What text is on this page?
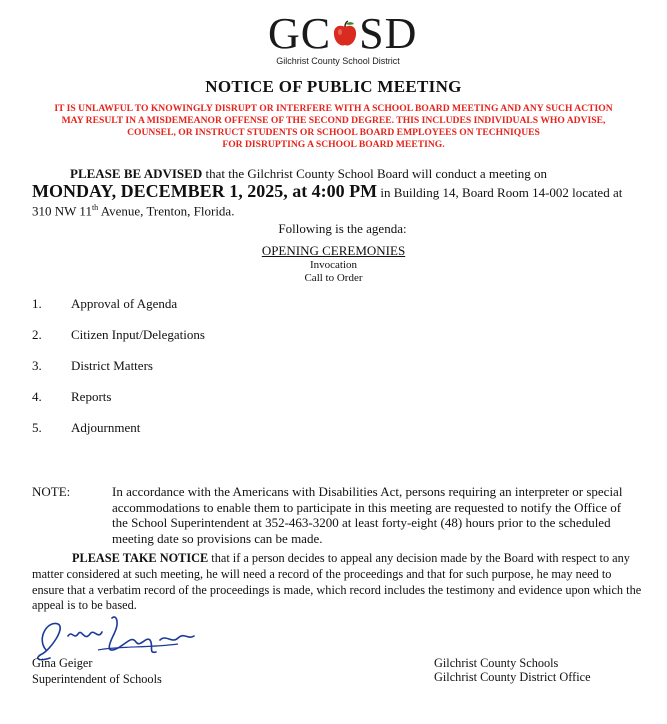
GC SD
Gilchrist County School District
NOTICE OF PUBLIC MEETING
IT IS UNLAWFUL TO KNOWINGLY DISRUPT OR INTERFERE WITH A SCHOOL BOARD MEETING AND ANY SUCH ACTION
MAY RESULT IN A MISDEMEANOR OFFENSE OF THE SECOND DEGREE. THIS INCLUDES INDIVIDUALS WHO ADVISE,
COUNSEL, OR INSTRUCT STUDENTS OR SCHOOL BOARD EMPLOYEES ON TECHNIQUES
FOR DISRUPTING A SCHOOL BOARD MEETING.
PLEASE BE ADVISED that the Gilchrist County School Board will conduct a meeting on
MONDAY, DECEMBER 1, 2025, at 4:00 PM in Building 14, Board Room 14-002 located at
310 NW 11th Avenue, Trenton, Florida.
Following is the agenda:
OPENING CEREMONIES
Invocation
Call to Order
1. Approval of Agenda
2. Citizen Input/Delegations
3. District Matters
4. Reports
5. Adjournment
NOTE:	In accordance with the Americans with Disabilities Act, persons requiring an interpreter or special accommodations to enable them to participate in this meeting are requested to notify the Office of the School Superintendent at 352-463-3200 at least forty-eight (48) hours prior to the scheduled meeting date so provisions can be made.
PLEASE TAKE NOTICE that if a person decides to appeal any decision made by the Board with respect to any matter considered at such meeting, he will need a record of the proceedings and that for such purpose, he may need to ensure that a verbatim record of the proceedings is made, which record includes the testimony and evidence upon which the appeal is to be based.
Gina Geiger
Superintendent of Schools
Gilchrist County Schools
Gilchrist County District Office
